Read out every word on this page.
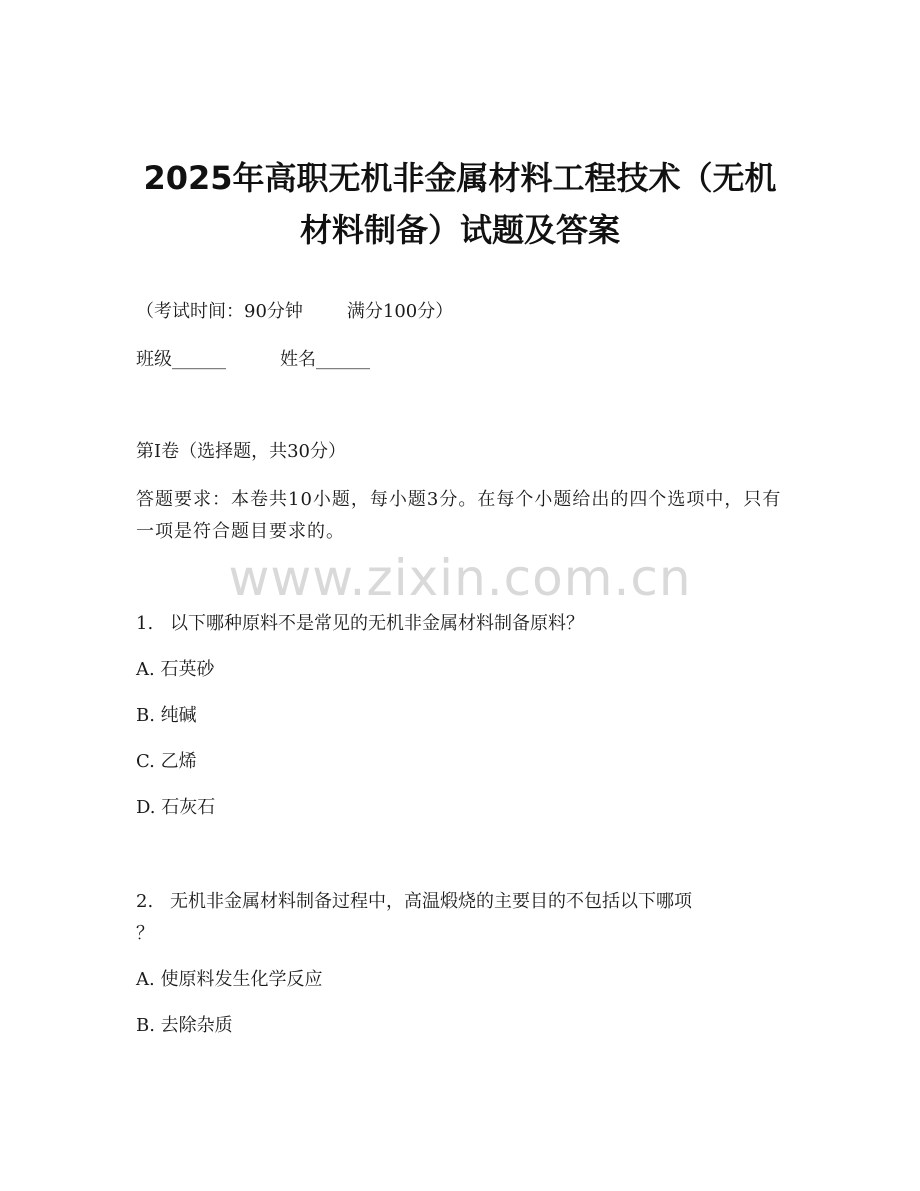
2025年高职无机非金属材料工程技术（无机
材料制备）试题及答案
（考试时间：90分钟 满分100分）
班级______	姓名______
第I卷（选择题，共30分）
答题要求：本卷共10小题，每小题3分。在每个小题给出的四个选项中，只有一项是符合题目要求的。
www.zixin.com.cn
1. 以下哪种原料不是常见的无机非金属材料制备原料？
A. 石英砂
B. 纯碱
C. 乙烯
D. 石灰石
2. 无机非金属材料制备过程中，高温煅烧的主要目的不包括以下哪项
？
A. 使原料发生化学反应
B. 去除杂质
